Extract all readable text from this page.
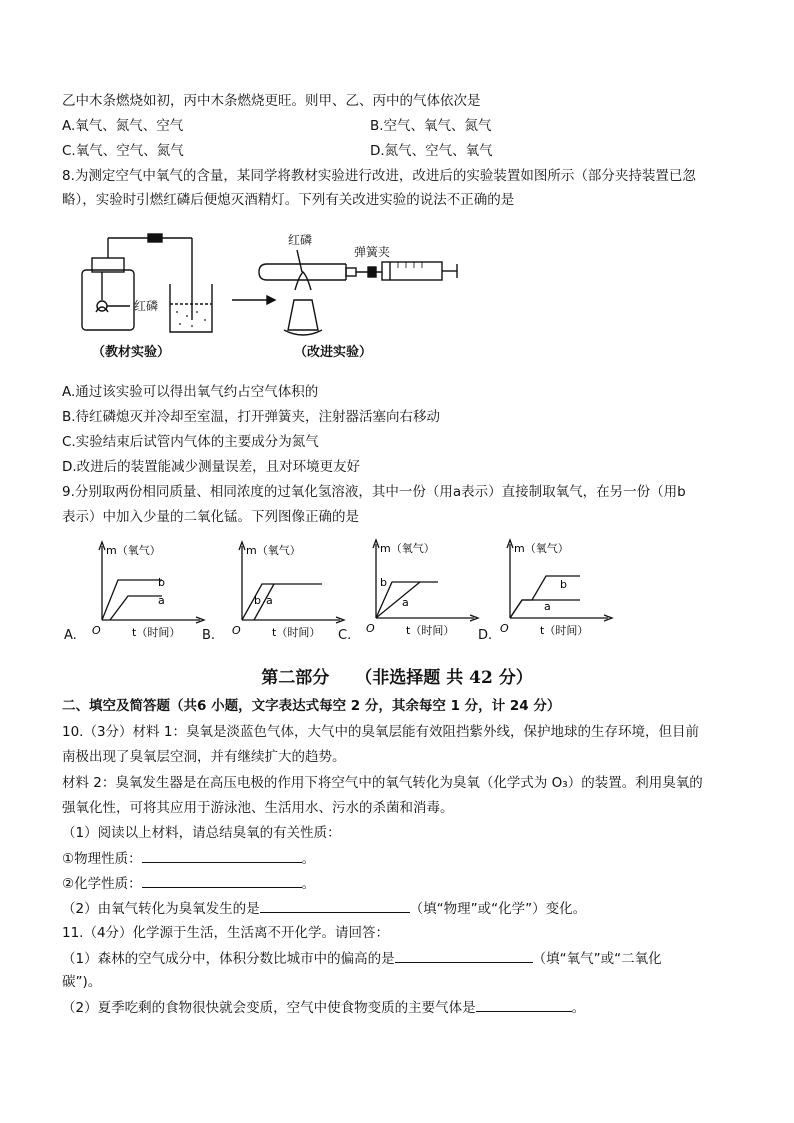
乙中木条燃烧如初，丙中木条燃烧更旺。则甲、乙、丙中的气体依次是
A.氧气、氮气、空气	B.空气、氧气、氮气
C.氧气、空气、氮气	D.氮气、空气、氧气
8.为测定空气中氧气的含量，某同学将教材实验进行改进，改进后的实验装置如图所示（部分夹持装置已忽
略），实验时引燃红磷后便熄灭酒精灯。下列有关改进实验的说法不正确的是
红磷
（教材实验）
红磷
弹簧夹
（改进实验）
A.通过该实验可以得出氧气约占空气体积的
B.待红磷熄灭并冷却至室温，打开弹簧夹，注射器活塞向右移动
C.实验结束后试管内气体的主要成分为氮气
D.改进后的装置能减少测量误差，且对环境更友好
9.分别取两份相同质量、相同浓度的过氧化氢溶液，其中一份（用a表示）直接制取氧气，在另一份（用b
表示）中加入少量的二氧化锰。下列图像正确的是
m（氧气）
O	t（时间）
b
a
A.
m（氧气）
O	t（时间）
b a
B.
m（氧气）
O	t（时间）
b
a
C.
m（氧气）
O	t（时间）
b
a
D.
第二部分 （非选择题 共 42 分）
二、填空及简答题（共6 小题，文字表达式每空 2 分，其余每空 1 分，计 24 分）
10.（3分）材料 1：臭氧是淡蓝色气体，大气中的臭氧层能有效阻挡紫外线，保护地球的生存环境，但目前
南极出现了臭氧层空洞，并有继续扩大的趋势。
材料 2：臭氧发生器是在高压电极的作用下将空气中的氧气转化为臭氧（化学式为 O₃）的装置。利用臭氧的
强氧化性，可将其应用于游泳池、生活用水、污水的杀菌和消毒。
（1）阅读以上材料，请总结臭氧的有关性质：
①物理性质：	。
②化学性质：	。
（2）由氧气转化为臭氧发生的是	（填“物理”或“化学”）变化。
11.（4分）化学源于生活，生活离不开化学。请回答：
（1）森林的空气成分中，体积分数比城市中的偏高的是	（填“氧气”或“二氧化
碳”)。
（2）夏季吃剩的食物很快就会变质，空气中使食物变质的主要气体是	。
